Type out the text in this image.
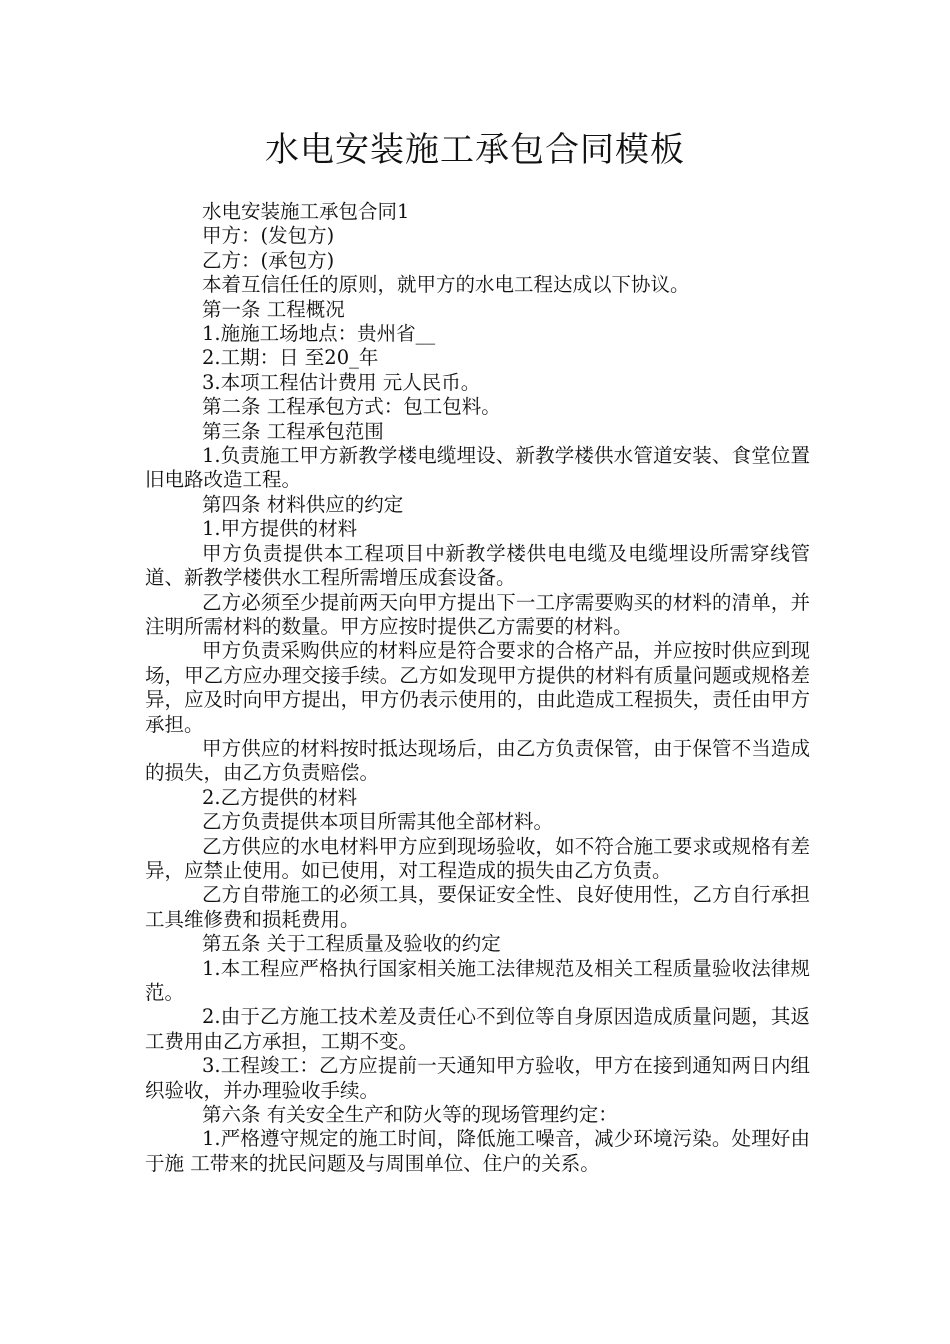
水电安装施工承包合同模板

水电安装施工承包合同1

甲方：(发包方)

乙方：(承包方)

本着互信任任的原则，就甲方的水电工程达成以下协议。

第一条 工程概况

1.施施工场地点：贵州省__

2.工期：日 至20_年

3.本项工程估计费用 元人民币。

第二条 工程承包方式：包工包料。

第三条 工程承包范围

1.负责施工甲方新教学楼电缆埋设、新教学楼供水管道安装、食堂位置旧电路改造工程。

第四条 材料供应的约定

1.甲方提供的材料

甲方负责提供本工程项目中新教学楼供电电缆及电缆埋设所需穿线管道、新教学楼供水工程所需增压成套设备。

乙方必须至少提前两天向甲方提出下一工序需要购买的材料的清单，并注明所需材料的数量。甲方应按时提供乙方需要的材料。

甲方负责采购供应的材料应是符合要求的合格产品，并应按时供应到现场，甲乙方应办理交接手续。乙方如发现甲方提供的材料有质量问题或规格差异，应及时向甲方提出，甲方仍表示使用的，由此造成工程损失，责任由甲方承担。

甲方供应的材料按时抵达现场后，由乙方负责保管，由于保管不当造成的损失，由乙方负责赔偿。

2.乙方提供的材料

乙方负责提供本项目所需其他全部材料。

乙方供应的水电材料甲方应到现场验收，如不符合施工要求或规格有差异，应禁止使用。如已使用，对工程造成的损失由乙方负责。

乙方自带施工的必须工具，要保证安全性、良好使用性，乙方自行承担工具维修费和损耗费用。

第五条 关于工程质量及验收的约定

1.本工程应严格执行国家相关施工法律规范及相关工程质量验收法律规范。

2.由于乙方施工技术差及责任心不到位等自身原因造成质量问题，其返工费用由乙方承担，工期不变。

3.工程竣工：乙方应提前一天通知甲方验收，甲方在接到通知两日内组织验收，并办理验收手续。

第六条 有关安全生产和防火等的现场管理约定：

1.严格遵守规定的施工时间，降低施工噪音，减少环境污染。处理好由于施 工带来的扰民问题及与周围单位、住户的关系。
